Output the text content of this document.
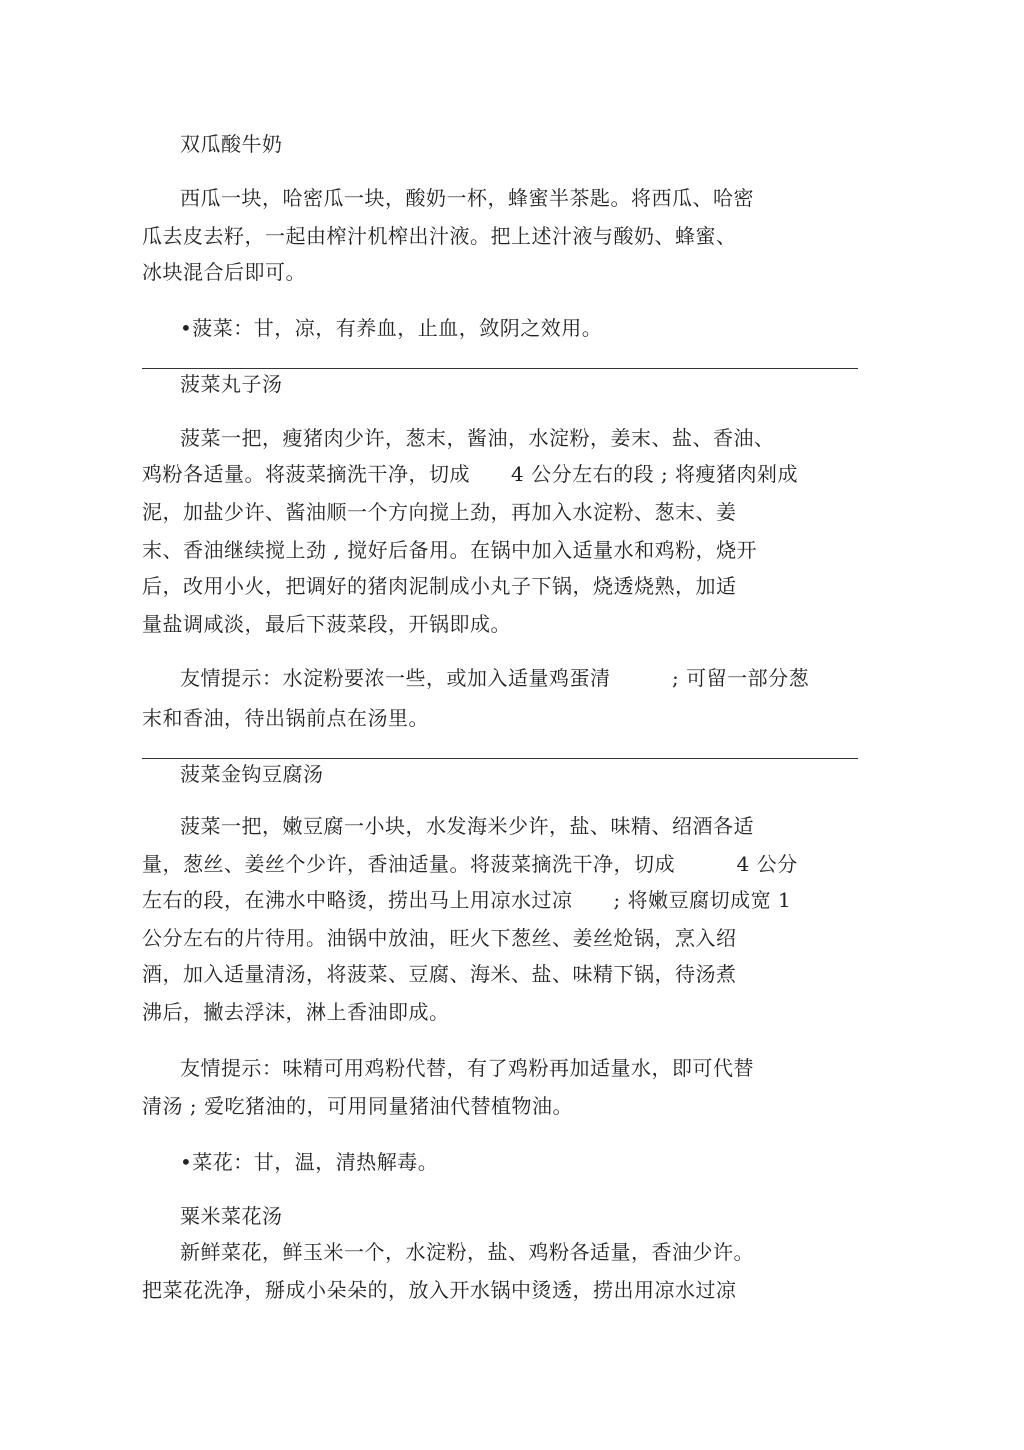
双瓜酸牛奶
西瓜一块，哈密瓜一块，酸奶一杯，蜂蜜半茶匙。将西瓜、哈密
瓜去皮去籽，一起由榨汁机榨出汁液。把上述汁液与酸奶、蜂蜜、
冰块混合后即可。
•菠菜：甘，凉，有养血，止血，敛阴之效用。
菠菜丸子汤
菠菜一把，瘦猪肉少许，葱末，酱油，水淀粉，姜末、盐、香油、
鸡粉各适量。将菠菜摘洗干净，切成　　4 公分左右的段 ; 将瘦猪肉剁成
泥，加盐少许、酱油顺一个方向搅上劲，再加入水淀粉、葱末、姜
末、香油继续搅上劲 , 搅好后备用。在锅中加入适量水和鸡粉，烧开
后，改用小火，把调好的猪肉泥制成小丸子下锅，烧透烧熟，加适
量盐调咸淡，最后下菠菜段，开锅即成。
友情提示：水淀粉要浓一些，或加入适量鸡蛋清　　　; 可留一部分葱
末和香油，待出锅前点在汤里。
菠菜金钩豆腐汤
菠菜一把，嫩豆腐一小块，水发海米少许，盐、味精、绍酒各适
量，葱丝、姜丝个少许，香油适量。将菠菜摘洗干净，切成　　　4 公分
左右的段，在沸水中略烫，捞出马上用凉水过凉　　; 将嫩豆腐切成宽 1
公分左右的片待用。油锅中放油，旺火下葱丝、姜丝炝锅，烹入绍
酒，加入适量清汤，将菠菜、豆腐、海米、盐、味精下锅，待汤煮
沸后，撇去浮沫，淋上香油即成。
友情提示：味精可用鸡粉代替，有了鸡粉再加适量水，即可代替
清汤 ; 爱吃猪油的，可用同量猪油代替植物油。
•菜花：甘，温，清热解毒。
粟米菜花汤
新鲜菜花，鲜玉米一个，水淀粉，盐、鸡粉各适量，香油少许。
把菜花洗净，掰成小朵朵的，放入开水锅中烫透，捞出用凉水过凉
